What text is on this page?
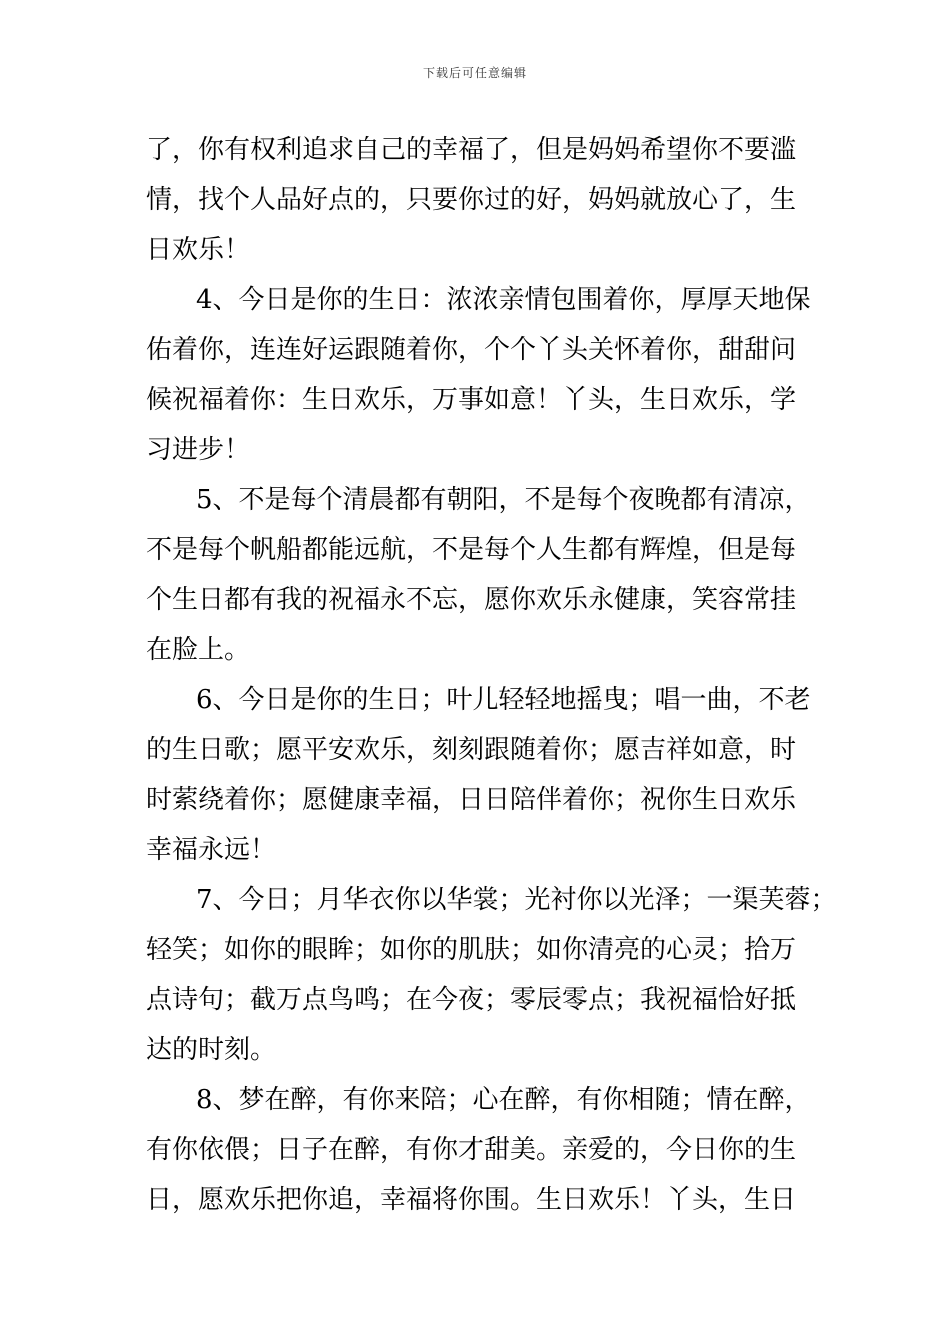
下载后可任意编辑
了，你有权利追求自己的幸福了，但是妈妈希望你不要滥
情，找个人品好点的，只要你过的好，妈妈就放心了，生
日欢乐！
4、今日是你的生日：浓浓亲情包围着你，厚厚天地保
佑着你，连连好运跟随着你，个个丫头关怀着你，甜甜问
候祝福着你：生日欢乐，万事如意！丫头，生日欢乐，学
习进步！
5、不是每个清晨都有朝阳，不是每个夜晚都有清凉，
不是每个帆船都能远航，不是每个人生都有辉煌，但是每
个生日都有我的祝福永不忘，愿你欢乐永健康，笑容常挂
在脸上。
6、今日是你的生日；叶儿轻轻地摇曳；唱一曲，不老
的生日歌；愿平安欢乐，刻刻跟随着你；愿吉祥如意，时
时萦绕着你；愿健康幸福，日日陪伴着你；祝你生日欢乐
幸福永远！
7、今日；月华衣你以华裳；光衬你以光泽；一渠芙蓉；
轻笑；如你的眼眸；如你的肌肤；如你清亮的心灵；拾万
点诗句；截万点鸟鸣；在今夜；零辰零点；我祝福恰好抵
达的时刻。
8、梦在醉，有你来陪；心在醉，有你相随；情在醉，
有你依偎；日子在醉，有你才甜美。亲爱的，今日你的生
日，愿欢乐把你追，幸福将你围。生日欢乐！丫头，生日
